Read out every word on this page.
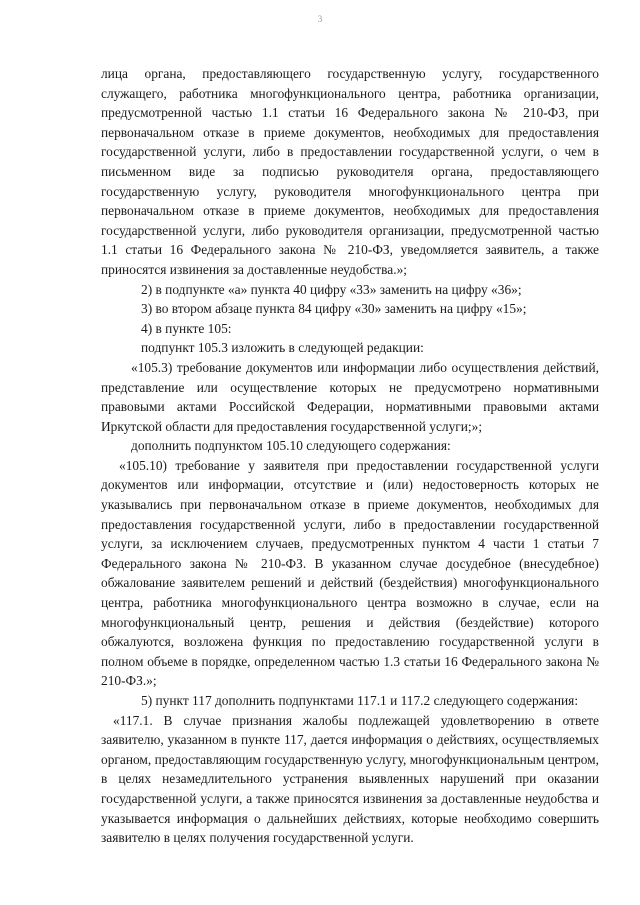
3

лица органа, предоставляющего государственную услугу, государственного служащего, работника многофункционального центра, работника организации, предусмотренной частью 1.1 статьи 16 Федерального закона № 210-ФЗ, при первоначальном отказе в приеме документов, необходимых для предоставления государственной услуги, либо в предоставлении государственной услуги, о чем в письменном виде за подписью руководителя органа, предоставляющего государственную услугу, руководителя многофункционального центра при первоначальном отказе в приеме документов, необходимых для предоставления государственной услуги, либо руководителя организации, предусмотренной частью 1.1 статьи 16 Федерального закона № 210-ФЗ, уведомляется заявитель, а также приносятся извинения за доставленные неудобства.»;

2) в подпункте «а» пункта 40 цифру «33» заменить на цифру «36»;

3) во втором абзаце пункта 84 цифру «30» заменить на цифру «15»;

4) в пункте 105:

подпункт 105.3 изложить в следующей редакции:

«105.3) требование документов или информации либо осуществления действий, представление или осуществление которых не предусмотрено нормативными правовыми актами Российской Федерации, нормативными правовыми актами Иркутской области для предоставления государственной услуги;»;

дополнить подпунктом 105.10 следующего содержания:

«105.10) требование у заявителя при предоставлении государственной услуги документов или информации, отсутствие и (или) недостоверность которых не указывались при первоначальном отказе в приеме документов, необходимых для предоставления государственной услуги, либо в предоставлении государственной услуги, за исключением случаев, предусмотренных пунктом 4 части 1 статьи 7 Федерального закона № 210-ФЗ. В указанном случае досудебное (внесудебное) обжалование заявителем решений и действий (бездействия) многофункционального центра, работника многофункционального центра возможно в случае, если на многофункциональный центр, решения и действия (бездействие) которого обжалуются, возложена функция по предоставлению государственной услуги в полном объеме в порядке, определенном частью 1.3 статьи 16 Федерального закона № 210-ФЗ.»;

5) пункт 117 дополнить подпунктами 117.1 и 117.2 следующего содержания:

«117.1. В случае признания жалобы подлежащей удовлетворению в ответе заявителю, указанном в пункте 117, дается информация о действиях, осуществляемых органом, предоставляющим государственную услугу, многофункциональным центром, в целях незамедлительного устранения выявленных нарушений при оказании государственной услуги, а также приносятся извинения за доставленные неудобства и указывается информация о дальнейших действиях, которые необходимо совершить заявителю в целях получения государственной услуги.
